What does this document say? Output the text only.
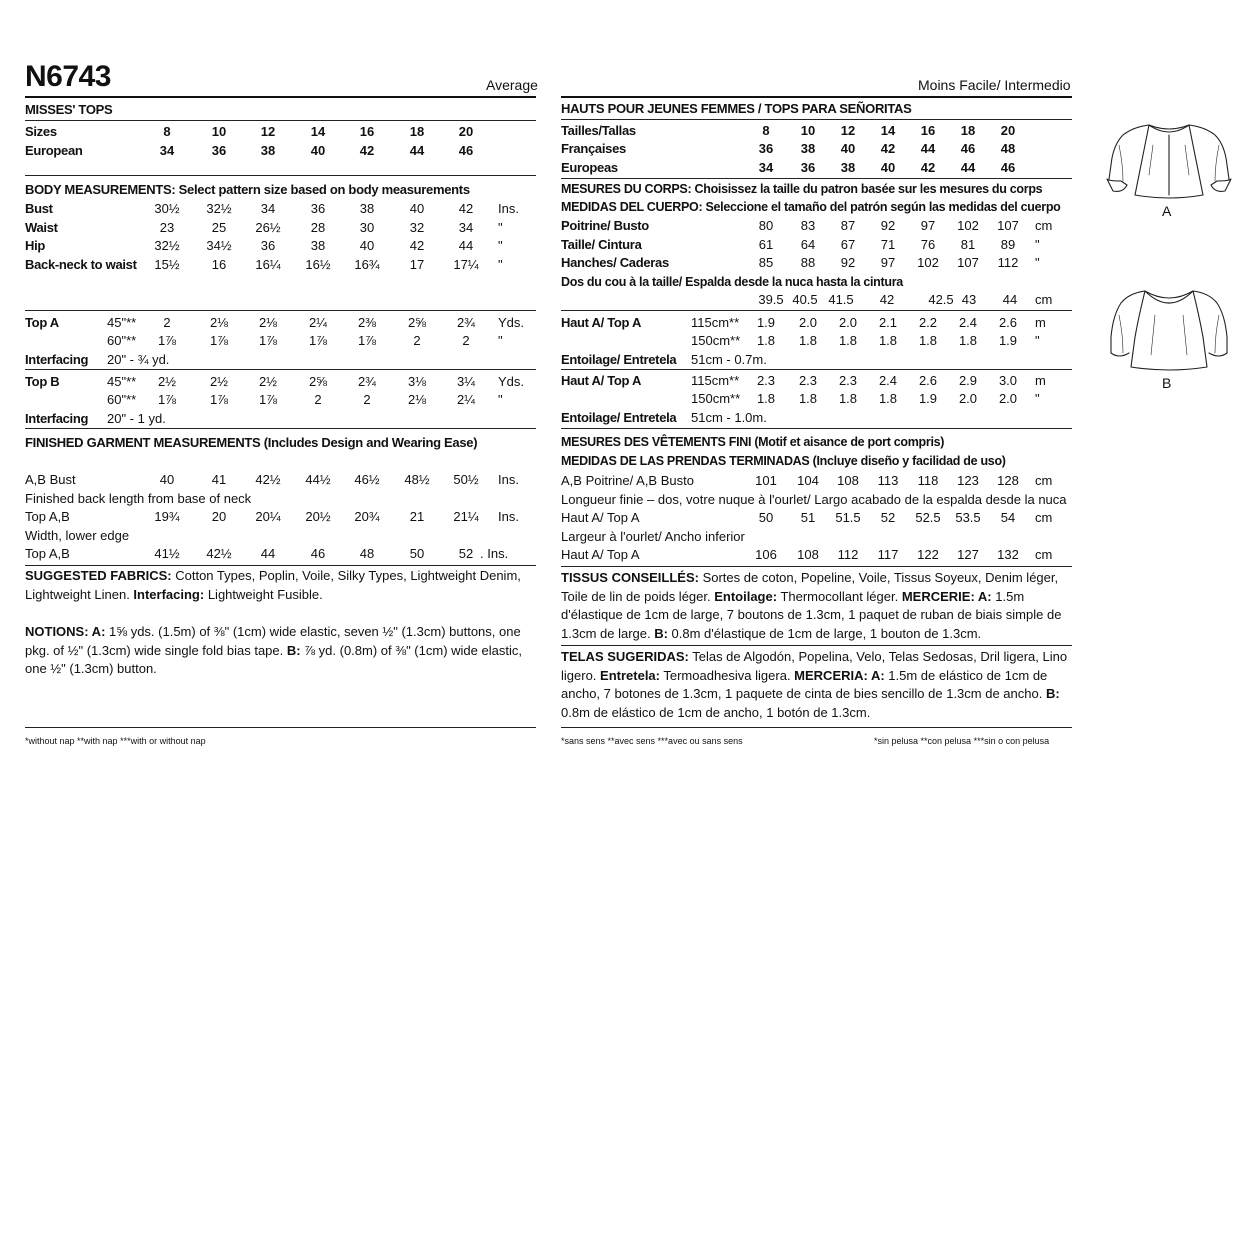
N6743	Average	Moins Facile/ Intermedio
MISSES' TOPS
Sizes	8	10	12	14	16	18	20
European	34	36	38	40	42	44	46
BODY MEASUREMENTS: Select pattern size based on body measurements
Bust	30½	32½	34	36	38	40	42	Ins.
Waist	23	25	26½	28	30	32	34	"
Hip	32½	34½	36	38	40	42	44	"
Back-neck to waist	15½	16	16¼	16½	16¾	17	17¼	"
Top A	45"**	2	2⅛	2⅛	2¼	2⅜	2⅝	2¾	Yds.
60"**	1⅞	1⅞	1⅞	1⅞	1⅞	2	2	"
Interfacing 20" - ¾ yd.
Top B	45"**	2½	2½	2½	2⅝	2¾	3⅛	3¼	Yds.
60"**	1⅞	1⅞	1⅞	2	2	2⅛	2¼	"
Interfacing 20" - 1 yd.
FINISHED GARMENT MEASUREMENTS (Includes Design and Wearing Ease)
A,B Bust	40	41	42½	44½	46½	48½	50½	Ins.
Finished back length from base of neck
Top A,B	19¾	20	20¼	20½	20¾	21	21¼	Ins.
Width, lower edge
Top A,B	41½	42½	44	46	48	50	52 . Ins.
SUGGESTED FABRICS: Cotton Types, Poplin, Voile, Silky Types, Lightweight Denim, Lightweight Linen. Interfacing: Lightweight Fusible.
NOTIONS: A: 1⅝ yds. (1.5m) of ⅜" (1cm) wide elastic, seven ½" (1.3cm) buttons, one pkg. of ½" (1.3cm) wide single fold bias tape. B: ⅞ yd. (0.8m) of ⅜" (1cm) wide elastic, one ½" (1.3cm) button.
*without nap **with nap ***with or without nap
HAUTS POUR JEUNES FEMMES / TOPS PARA SEÑORITAS
Tailles/Tallas	8	10	12	14	16	18	20
Françaises	36	38	40	42	44	46	48
Europeas	34	36	38	40	42	44	46
MESURES DU CORPS: Choisissez la taille du patron basée sur les mesures du corps
MEDIDAS DEL CUERPO: Seleccione el tamaño del patrón según las medidas del cuerpo
Poitrine/ Busto	80	83	87	92	97	102	107	cm
Taille/ Cintura	61	64	67	71	76	81	89	"
Hanches/ Caderas	85	88	92	97	102	107	112	"
Dos du cou à la taille/ Espalda desde la nuca hasta la cintura
39.5 40.5 41.5	42	42.5 43	44	cm
Haut A/ Top A	115cm**	1.9	2.0	2.0	2.1	2.2	2.4	2.6	m
150cm**	1.8	1.8	1.8	1.8	1.8	1.8	1.9	"
Entoilage/ Entretela 51cm - 0.7m.
Haut A/ Top A	115cm**	2.3	2.3	2.3	2.4	2.6	2.9	3.0	m
150cm**	1.8	1.8	1.8	1.8	1.9	2.0	2.0	"
Entoilage/ Entretela 51cm - 1.0m.
MESURES DES VÊTEMENTS FINI (Motif et aisance de port compris)
MEDIDAS DE LAS PRENDAS TERMINADAS (Incluye diseño y facilidad de uso)
A,B Poitrine/ A,B Busto	101	104	108	113	118	123	128	cm
Longueur finie – dos, votre nuque à l'ourlet/ Largo acabado de la espalda desde la nuca
Haut A/ Top A	50	51	51.5	52	52.5	53.5	54	cm
Largeur à l'ourlet/ Ancho inferior
Haut A/ Top A	106	108	112	117	122	127	132	cm
TISSUS CONSEILLÉS: Sortes de coton, Popeline, Voile, Tissus Soyeux, Denim léger, Toile de lin de poids léger. Entoilage: Thermocollant léger. MERCERIE: A: 1.5m d'élastique de 1cm de large, 7 boutons de 1.3cm, 1 paquet de ruban de biais simple de 1.3cm de large. B: 0.8m d'élastique de 1cm de large, 1 bouton de 1.3cm.
TELAS SUGERIDAS: Telas de Algodón, Popelina, Velo, Telas Sedosas, Dril ligera, Lino ligero. Entretela: Termoadhesiva ligera. MERCERIA: A: 1.5m de elástico de 1cm de ancho, 7 botones de 1.3cm, 1 paquete de cinta de bies sencillo de 1.3cm de ancho. B: 0.8m de elástico de 1cm de ancho, 1 botón de 1.3cm.
*sans sens **avec sens ***avec ou sans sens	*sin pelusa **con pelusa ***sin o con pelusa
A
B
